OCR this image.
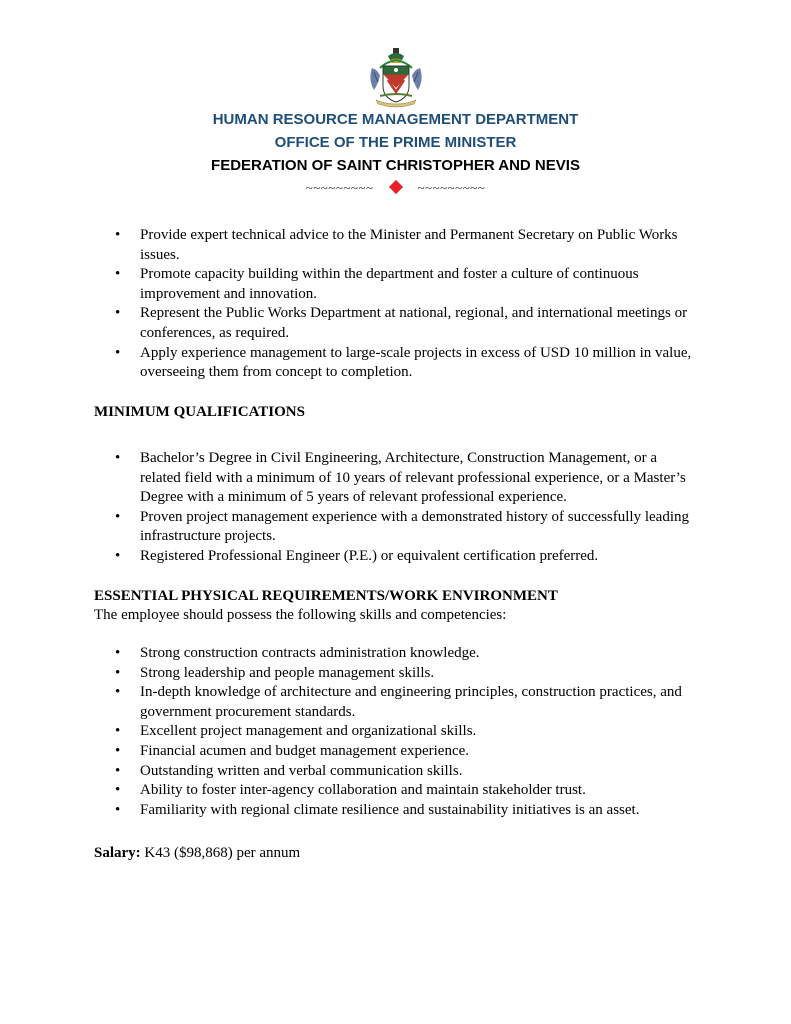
HUMAN RESOURCE MANAGEMENT DEPARTMENT
OFFICE OF THE PRIME MINISTER
FEDERATION OF SAINT CHRISTOPHER AND NEVIS
~~~~~~~~~	~~~~~~~~~
• Provide expert technical advice to the Minister and Permanent Secretary on Public Works issues.
• Promote capacity building within the department and foster a culture of continuous improvement and innovation.
• Represent the Public Works Department at national, regional, and international meetings or conferences, as required.
• Apply experience management to large-scale projects in excess of USD 10 million in value, overseeing them from concept to completion.
MINIMUM QUALIFICATIONS
• Bachelor’s Degree in Civil Engineering, Architecture, Construction Management, or a related field with a minimum of 10 years of relevant professional experience, or a Master’s Degree with a minimum of 5 years of relevant professional experience.
• Proven project management experience with a demonstrated history of successfully leading infrastructure projects.
• Registered Professional Engineer (P.E.) or equivalent certification preferred.
ESSENTIAL PHYSICAL REQUIREMENTS/WORK ENVIRONMENT
The employee should possess the following skills and competencies:
• Strong construction contracts administration knowledge.
• Strong leadership and people management skills.
• In-depth knowledge of architecture and engineering principles, construction practices, and government procurement standards.
• Excellent project management and organizational skills.
• Financial acumen and budget management experience.
• Outstanding written and verbal communication skills.
• Ability to foster inter-agency collaboration and maintain stakeholder trust.
• Familiarity with regional climate resilience and sustainability initiatives is an asset.
Salary: K43 ($98,868) per annum
